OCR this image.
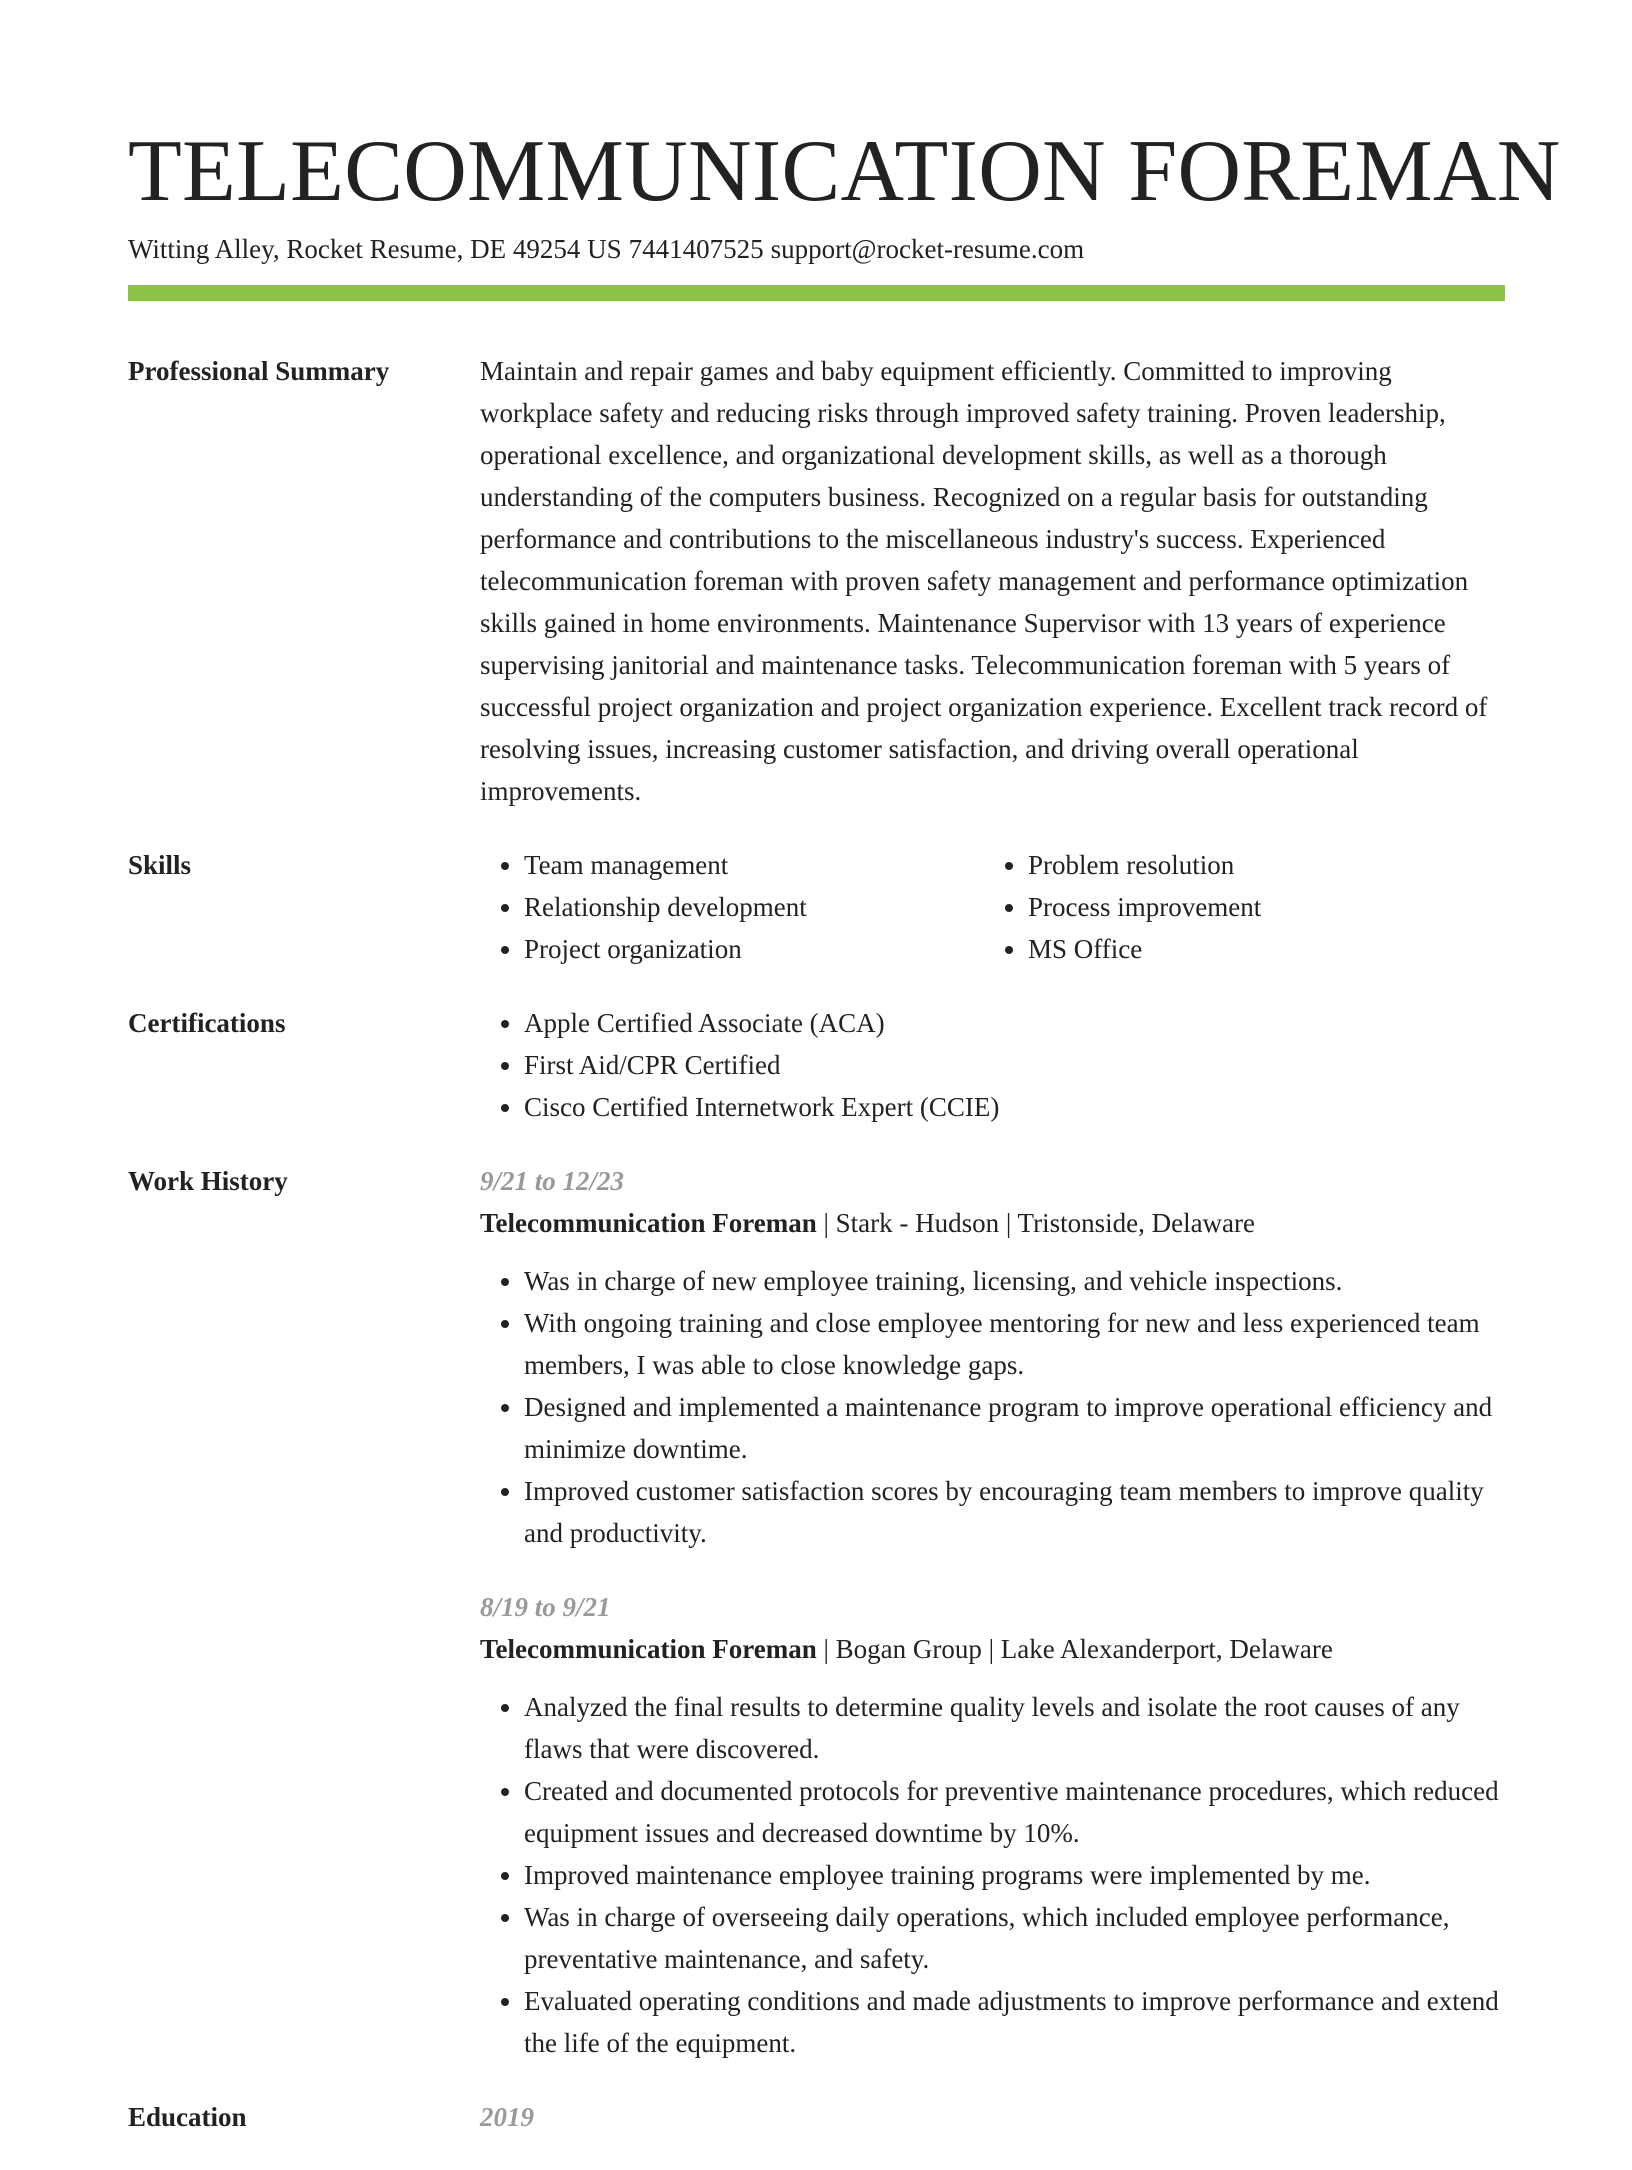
TELECOMMUNICATION FOREMAN
Witting Alley, Rocket Resume, DE 49254 US 7441407525 support@rocket-resume.com
Professional Summary	Maintain and repair games and baby equipment efficiently. Committed to improving workplace safety and reducing risks through improved safety training. Proven leadership, operational excellence, and organizational development skills, as well as a thorough understanding of the computers business. Recognized on a regular basis for outstanding performance and contributions to the miscellaneous industry's success. Experienced telecommunication foreman with proven safety management and performance optimization skills gained in home environments. Maintenance Supervisor with 13 years of experience supervising janitorial and maintenance tasks. Telecommunication foreman with 5 years of successful project organization and project organization experience. Excellent track record of resolving issues, increasing customer satisfaction, and driving overall operational improvements.

Skills	• Team management
• Relationship development
• Project organization
• Problem resolution
• Process improvement
• MS Office
Certifications	• Apple Certified Associate (ACA)
• First Aid/CPR Certified
• Cisco Certified Internetwork Expert (CCIE)
Work History	9/21 to 12/23
Telecommunication Foreman | Stark - Hudson | Tristonside, Delaware
• Was in charge of new employee training, licensing, and vehicle inspections.
• With ongoing training and close employee mentoring for new and less experienced team members, I was able to close knowledge gaps.
• Designed and implemented a maintenance program to improve operational efficiency and minimize downtime.
• Improved customer satisfaction scores by encouraging team members to improve quality and productivity.
8/19 to 9/21
Telecommunication Foreman | Bogan Group | Lake Alexanderport, Delaware
• Analyzed the final results to determine quality levels and isolate the root causes of any flaws that were discovered.
• Created and documented protocols for preventive maintenance procedures, which reduced equipment issues and decreased downtime by 10%.
• Improved maintenance employee training programs were implemented by me.
• Was in charge of overseeing daily operations, which included employee performance, preventative maintenance, and safety.
• Evaluated operating conditions and made adjustments to improve performance and extend the life of the equipment.
Education	2019
